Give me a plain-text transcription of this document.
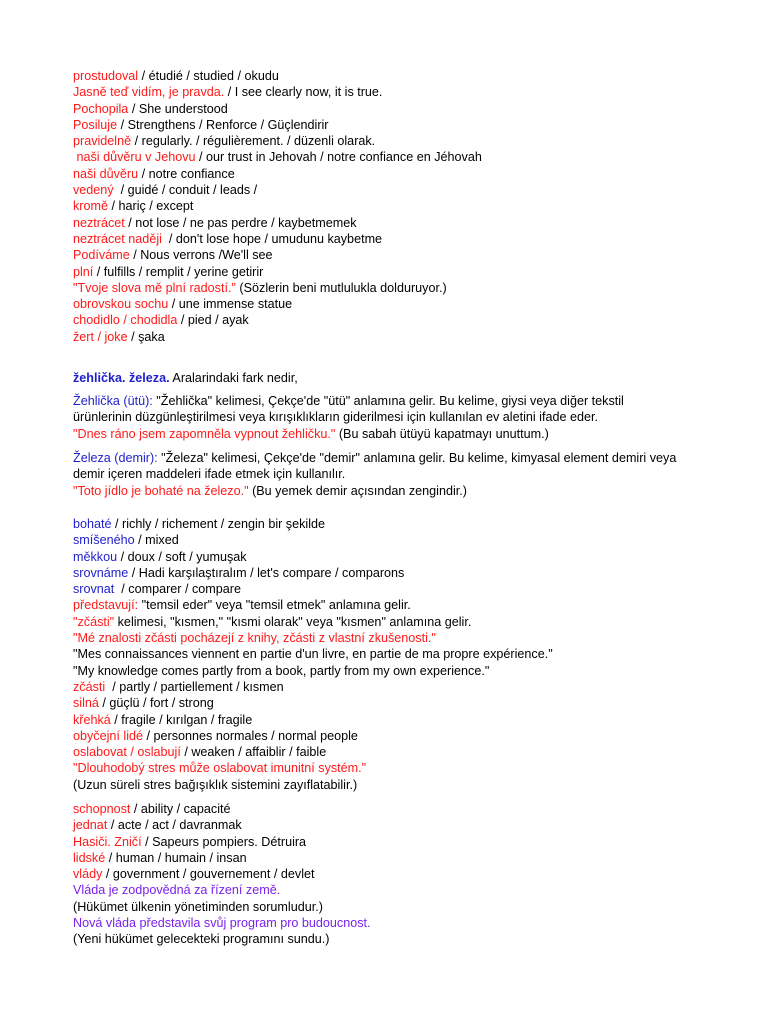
prostudoval / étudié / studied / okudu
Jasně teď vidím, je pravda. / I see clearly now, it is true.
Pochopila / She understood
Posiluje / Strengthens / Renforce / Güçlendirir
pravidelně / regularly. / régulièrement. / düzenli olarak.
naši důvěru v Jehovu / our trust in Jehovah / notre confiance en Jéhovah
naši důvěru / notre confiance
vedený  / guidé / conduit / leads /
kromě / hariç / except
neztrácet / not lose / ne pas perdre / kaybetmemek
neztrácet naději  / don't lose hope / umudunu kaybetme
Podíváme / Nous verrons /We'll see
plní / fulfills / remplit / yerine getirir
"Tvoje slova mě plní radostí." (Sözlerin beni mutlulukla dolduruyor.)
obrovskou sochu / une immense statue
chodidlo / chodidla / pied / ayak
žert / joke / şaka
žehlička. železa. Aralarindaki fark nedir,
Žehlička (ütü): "Žehlička" kelimesi, Çekçe'de "ütü" anlamına gelir. Bu kelime, giysi veya diğer tekstil
ürünlerinin düzgünleştirilmesi veya kırışıklıkların giderilmesi için kullanılan ev aletini ifade eder.
"Dnes ráno jsem zapomněla vypnout žehličku." (Bu sabah ütüyü kapatmayı unuttum.)
Železa (demir): "Železa" kelimesi, Çekçe'de "demir" anlamına gelir. Bu kelime, kimyasal element demiri veya
demir içeren maddeleri ifade etmek için kullanılır.
"Toto jídlo je bohaté na železo." (Bu yemek demir açısından zengindir.)
bohaté / richly / richement / zengin bir şekilde
smíšeného / mixed
měkkou / doux / soft / yumuşak
srovnáme / Hadi karşılaştıralım / let's compare / comparons
srovnat  / comparer / compare
představují: "temsil eder" veya "temsil etmek" anlamına gelir.
"zčásti" kelimesi, "kısmen," "kısmi olarak" veya "kısmen" anlamına gelir.
"Mé znalosti zčásti pocházejí z knihy, zčásti z vlastní zkušenosti."
"Mes connaissances viennent en partie d'un livre, en partie de ma propre expérience."
"My knowledge comes partly from a book, partly from my own experience."
zčásti  / partly / partiellement / kısmen
silná / güçlü / fort / strong
křehká / fragile / kırılgan / fragile
obyčejní lidé / personnes normales / normal people
oslabovat / oslabují / weaken / affaiblir / faible
"Dlouhodobý stres může oslabovat imunitní systém."
(Uzun süreli stres bağışıklık sistemini zayıflatabilir.)
schopnost / ability / capacité
jednat / acte / act / davranmak
Hasiči. Zničí / Sapeurs pompiers. Détruira
lidské / human / humain / insan
vlády / government / gouvernement / devlet
Vláda je zodpovědná za řízení země.
(Hükümet ülkenin yönetiminden sorumludur.)
Nová vláda představila svůj program pro budoucnost.
(Yeni hükümet gelecekteki programını sundu.)
